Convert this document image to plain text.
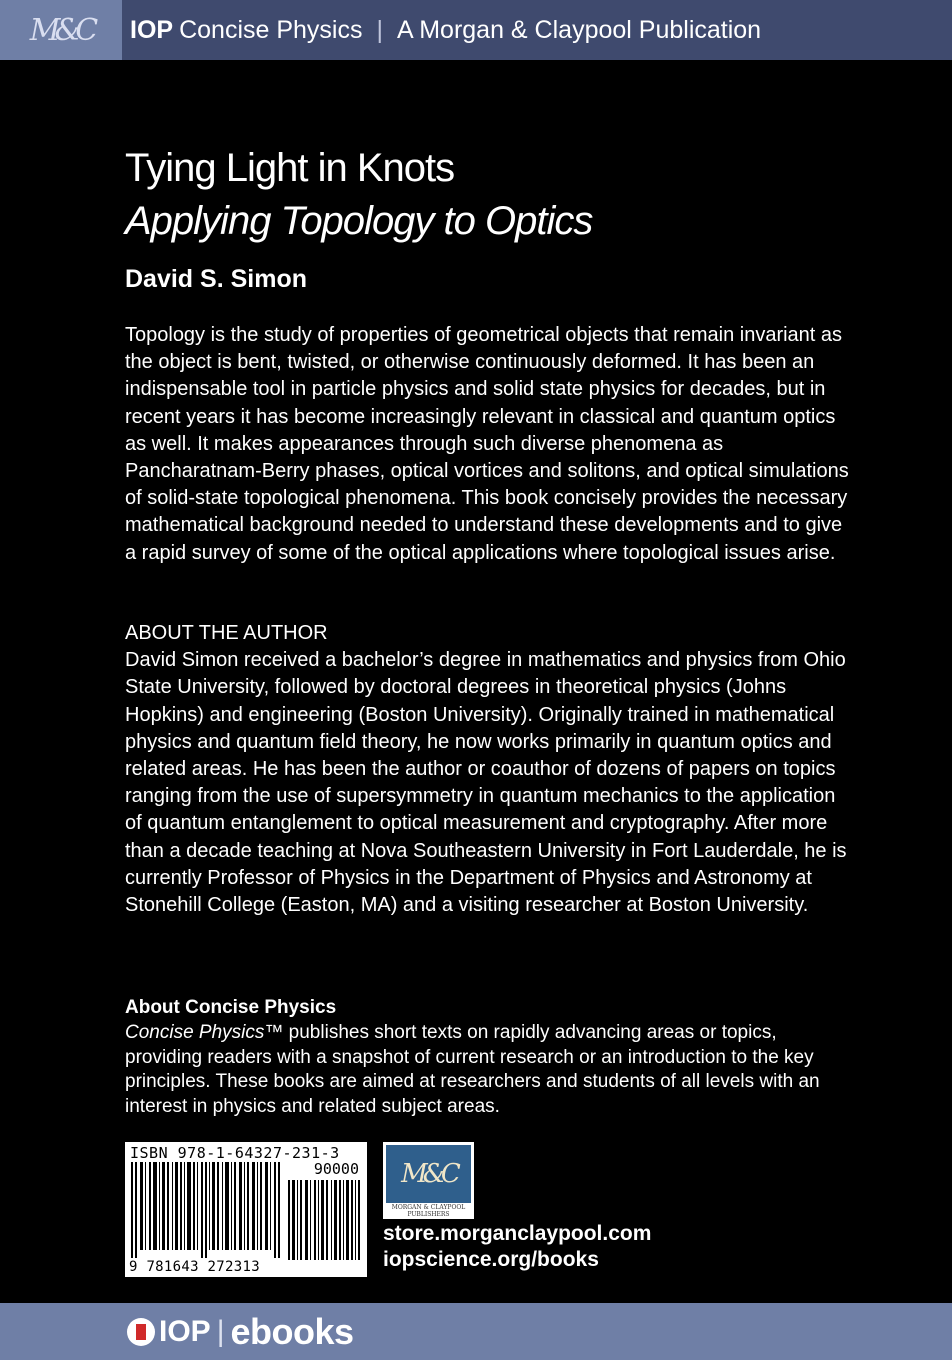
M&C IOP Concise Physics | A Morgan & Claypool Publication
Tying Light in Knots
Applying Topology to Optics
David S. Simon

Topology is the study of properties of geometrical objects that remain invariant as the object is bent, twisted, or otherwise continuously deformed. It has been an indispensable tool in particle physics and solid state physics for decades, but in recent years it has become increasingly relevant in classical and quantum optics as well. It makes appearances through such diverse phenomena as Pancharatnam-Berry phases, optical vortices and solitons, and optical simulations of solid-state topological phenomena. This book concisely provides the necessary mathematical background needed to understand these developments and to give a rapid survey of some of the optical applications where topological issues arise.

ABOUT THE AUTHOR
David Simon received a bachelor’s degree in mathematics and physics from Ohio State University, followed by doctoral degrees in theoretical physics (Johns Hopkins) and engineering (Boston University). Originally trained in mathematical physics and quantum field theory, he now works primarily in quantum optics and related areas. He has been the author or coauthor of dozens of papers on topics ranging from the use of supersymmetry in quantum mechanics to the application of quantum entanglement to optical measurement and cryptography. After more than a decade teaching at Nova Southeastern University in Fort Lauderdale, he is currently Professor of Physics in the Department of Physics and Astronomy at Stonehill College (Easton, MA) and a visiting researcher at Boston University.
About Concise Physics

Concise Physics™ publishes short texts on rapidly advancing areas or topics, providing readers with a snapshot of current research or an introduction to the key principles. These books are aimed at researchers and students of all levels with an interest in physics and related subject areas.

ISBN 978-1-64327-231-3
90000
9 781643 272313
M&C
MORGAN & CLAYPOOL
PUBLISHERS
store.morganclaypool.com
iopscience.org/books
IOP | ebooks
